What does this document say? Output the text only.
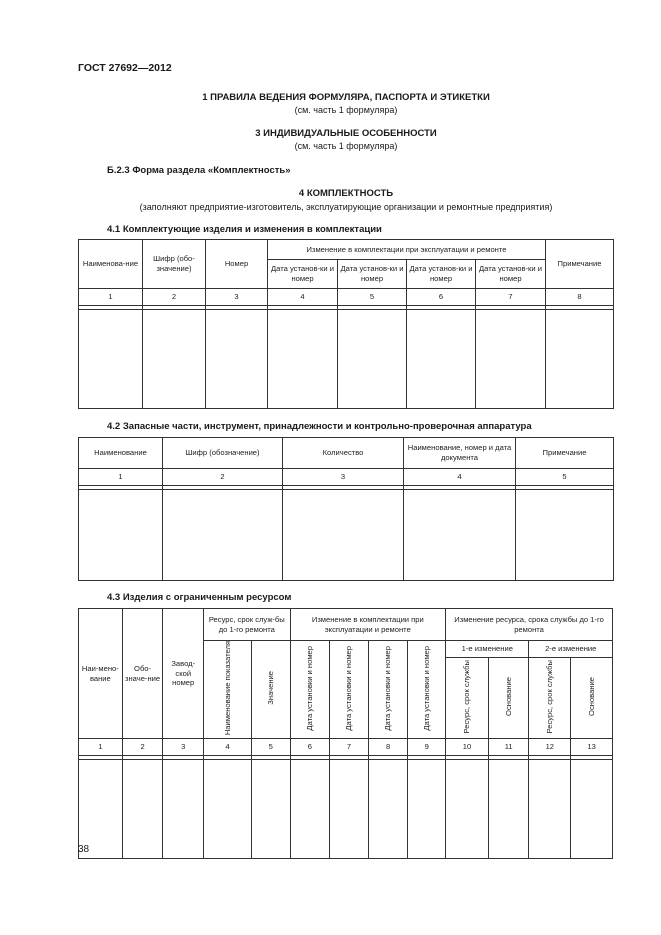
ГОСТ 27692—2012
1 ПРАВИЛА ВЕДЕНИЯ ФОРМУЛЯРА, ПАСПОРТА И ЭТИКЕТКИ
(см. часть 1 формуляра)
3 ИНДИВИДУАЛЬНЫЕ ОСОБЕННОСТИ
(см. часть 1 формуляра)
Б.2.3 Форма раздела «Комплектность»
4 КОМПЛЕКТНОСТЬ
(заполняют предприятие-изготовитель, эксплуатирующие организации и ремонтные предприятия)
4.1 Комплектующие изделия и изменения в комплектации
Наименова-ние	Шифр (обо-значение)	Номер	Изменение в комплектации при эксплуатации и ремонте				Примечание
			Дата установ-ки и номер	Дата установ-ки и номер	Дата установ-ки и номер	Дата установ-ки и номер	
1	2	3	4	5	6	7	8

4.2 Запасные части, инструмент, принадлежности и контрольно-проверочная аппаратура
Наименование	Шифр (обозначение)	Количество	Наименование, номер и дата документа	Примечание
1	2	3	4	5

4.3 Изделия с ограниченным ресурсом
Наи-мено-вание	Обо-значе-ние	Завод-ской номер	Ресурс, срок служ-бы до 1-го ремонта		Изменение в комплектации при эксплуатации и ремонте				Изменение ресурса, срока службы до 1-го ремонта			
			Наименование показателя	Значение	Дата установки и номер	Дата установки и номер	Дата установки и номер	Дата установки и номер	1-е изменение		2-е изменение	
									Ресурс, срок службы	Основание	Ресурс, срок службы	Основание
1	2	3	4	5	6	7	8	9	10	11	12	13

38
